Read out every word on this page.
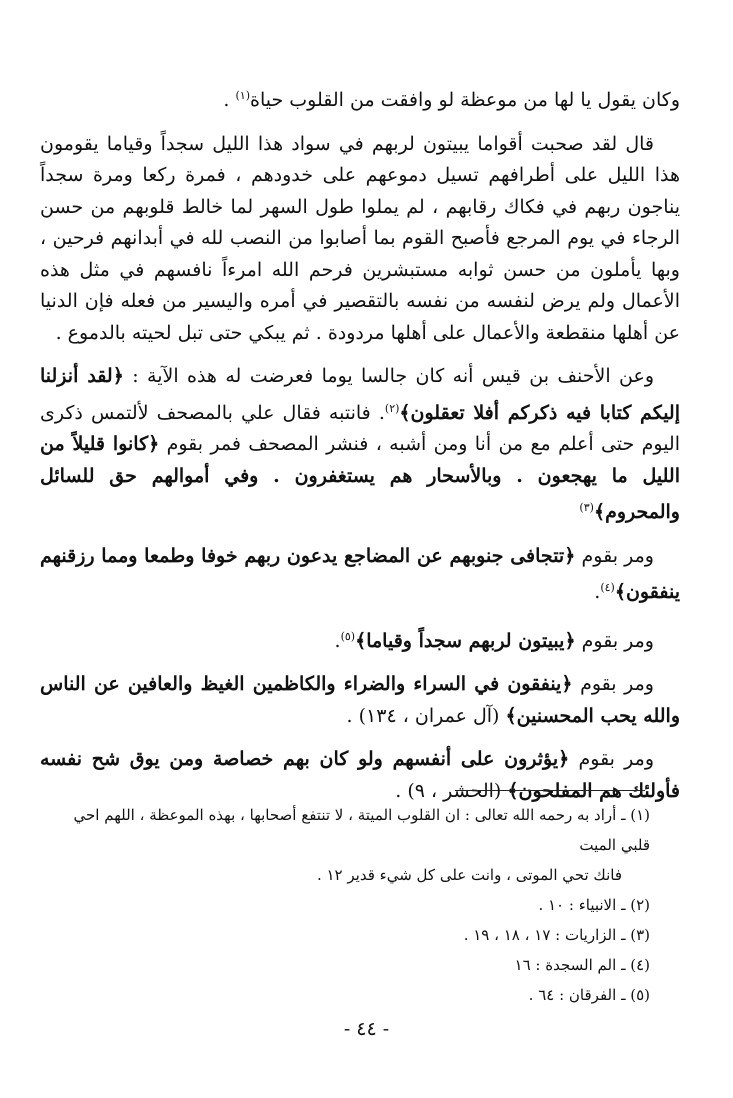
وكان يقول يا لها من موعظة لو وافقت من القلوب حياة$^{(١)}$ .

قال لقد صحبت أقواما يبيتون لربهم في سواد هذا الليل سجداً وقياما يقومون هذا الليل على أطرافهم تسيل دموعهم على خدودهم ، فمرة ركعا ومرة سجداً يناجون ربهم في فكاك رقابهم ، لم يملوا طول السهر لما خالط قلوبهم من حسن الرجاء في يوم المرجع فأصبح القوم بما أصابوا من النصب لله في أبدانهم فرحين ، وبها يأملون من حسن ثوابه مستبشرين فرحم الله امرءاً نافسهم في مثل هذه الأعمال ولم يرض لنفسه من نفسه بالتقصير في أمره واليسير من فعله فإن الدنيا عن أهلها منقطعة والأعمال على أهلها مردودة . ثم يبكي حتى تبل لحيته بالدموع .

وعن الأحنف بن قيس أنه كان جالسا يوما فعرضت له هذه الآية : ﴿لقد أنزلنا إليكم كتابا فيه ذكركم أفلا تعقلون﴾$^{(٢)}$. فانتبه فقال علي بالمصحف لألتمس ذكرى اليوم حتى أعلم مع من أنا ومن أشبه ، فنشر المصحف فمر بقوم ﴿كانوا قليلاً من الليل ما يهجعون . وبالأسحار هم يستغفرون . وفي أموالهم حق للسائل والمحروم﴾$^{(٣)}$

ومر بقوم ﴿تتجافى جنوبهم عن المضاجع يدعون ربهم خوفا وطمعا ومما رزقنهم ينفقون﴾$^{(٤)}$.

ومر بقوم ﴿يبيتون لربهم سجداً وقياما﴾$^{(٥)}$.

ومر بقوم ﴿ينفقون في السراء والضراء والكاظمين الغيظ والعافين عن الناس والله يحب المحسنين﴾ (آل عمران ، ١٣٤) .

ومر بقوم ﴿يؤثرون على أنفسهم ولو كان بهم خصاصة ومن يوق شح نفسه فأولئك هم المفلحون﴾ (الحشر ، ٩) .

(١) ـ أراد به رحمه الله تعالى : ان القلوب الميتة ، لا تنتفع أصحابها ، بهذه الموعظة ، اللهم احي قلبي الميت

فانك تحي الموتى ، وانت على كل شيء قدير ١٢ .

(٢) ـ الانبياء : ١٠ .

(٣) ـ الزاريات : ١٧ ، ١٨ ، ١٩ .

(٤) ـ الم السجدة : ١٦

(٥) ـ الفرقان : ٦٤ .

- ٤٤ -
